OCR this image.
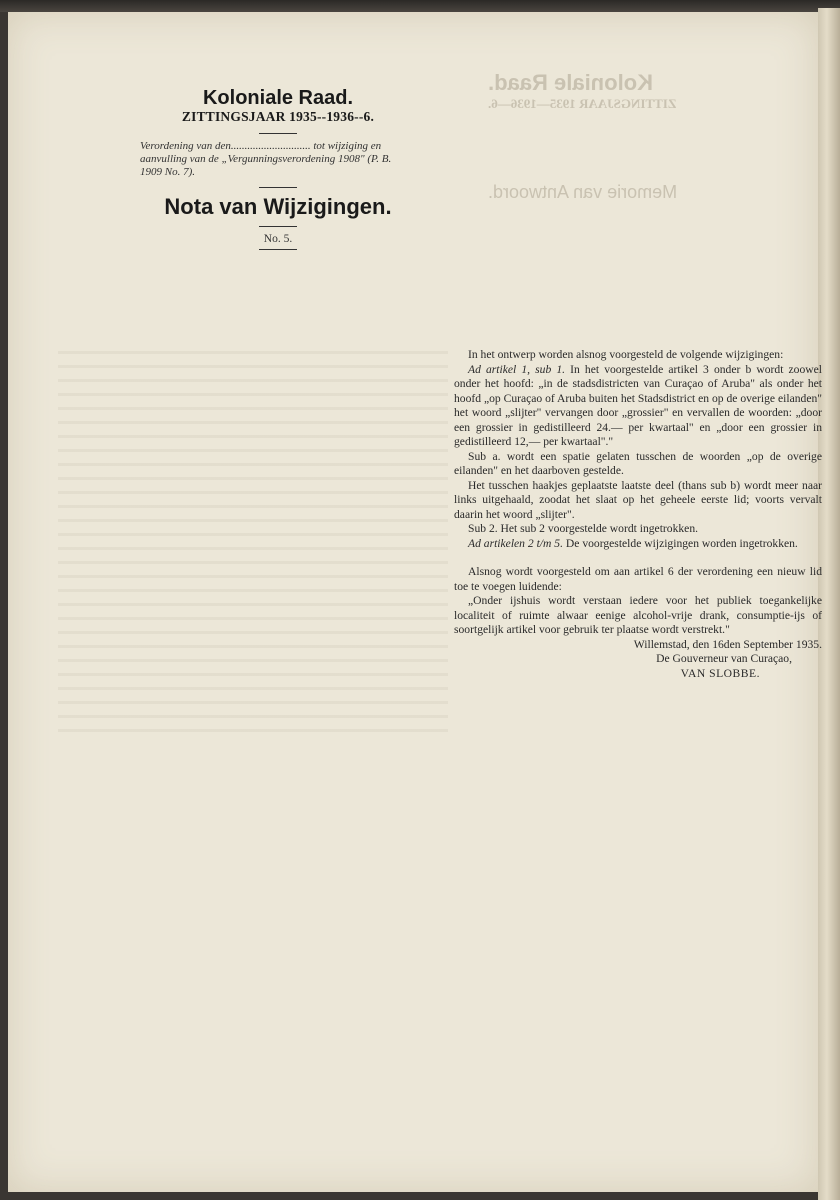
Koloniale Raad.
ZITTINGSJAAR 1935—1936—6.
Memorie van Antwoord.

Koloniale Raad.

ZITTINGSJAAR 1935--1936--6.

Verordening van den............................. tot wijziging en aanvulling van de „Vergunningsverordening 1908" (P. B. 1909 No. 7).

Nota van Wijzigingen.

No. 5.

In het ontwerp worden alsnog voorgesteld de volgende wijzigingen:

Ad artikel 1, sub 1. In het voorgestelde artikel 3 onder b wordt zoowel onder het hoofd: „in de stadsdistricten van Curaçao of Aruba" als onder het hoofd „op Curaçao of Aruba buiten het Stadsdistrict en op de overige eilanden" het woord „slijter" vervangen door „grossier" en vervallen de woorden: „door een grossier in gedistilleerd 24.— per kwartaal" en „door een grossier in gedistilleerd 12,— per kwartaal"."

Sub a. wordt een spatie gelaten tusschen de woorden „op de overige eilanden" en het daarboven gestelde.

Het tusschen haakjes geplaatste laatste deel (thans sub b) wordt meer naar links uitgehaald, zoodat het slaat op het geheele eerste lid; voorts vervalt daarin het woord „slijter".

Sub 2. Het sub 2 voorgestelde wordt ingetrokken.

Ad artikelen 2 t/m 5. De voorgestelde wijzigingen worden ingetrokken.

Alsnog wordt voorgesteld om aan artikel 6 der verordening een nieuw lid toe te voegen luidende:

„Onder ijshuis wordt verstaan iedere voor het publiek toegankelijke localiteit of ruimte alwaar eenige alcohol-vrije drank, consumptie-ijs of soortgelijk artikel voor gebruik ter plaatse wordt verstrekt."

Willemstad, den 16den September 1935.

De Gouverneur van Curaçao,

VAN SLOBBE.
